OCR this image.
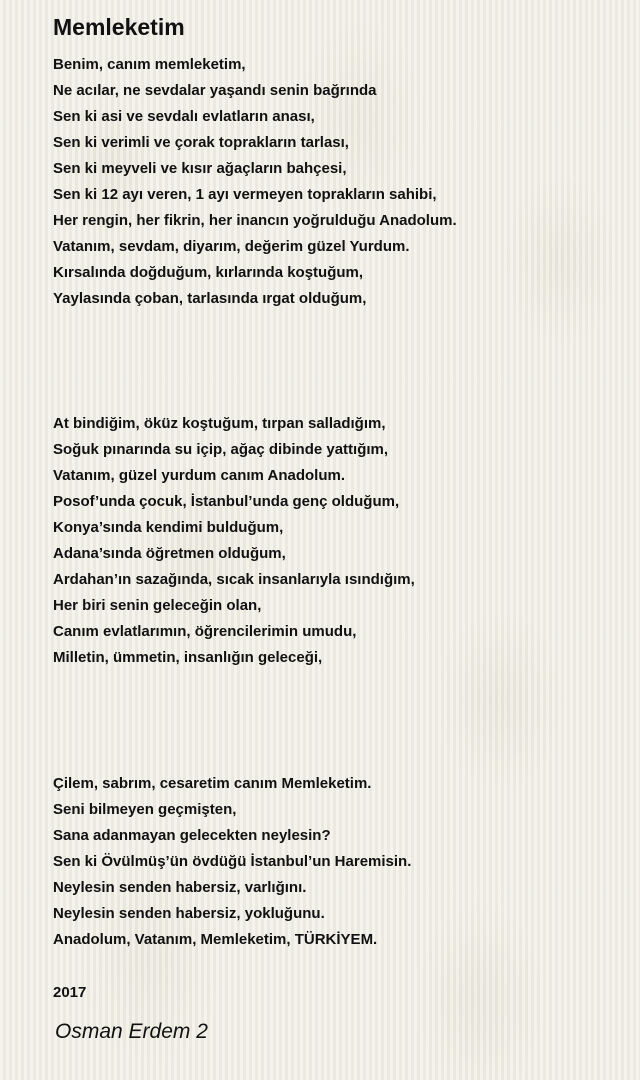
Memleketim
Benim, canım memleketim,
Ne acılar, ne sevdalar yaşandı senin bağrında
Sen ki asi ve sevdalı evlatların anası,
Sen ki verimli ve çorak toprakların tarlası,
Sen ki meyveli ve kısır ağaçların bahçesi,
Sen ki 12 ayı veren, 1 ayı vermeyen toprakların sahibi,
Her rengin, her fikrin, her inancın yoğrulduğu Anadolum.
Vatanım, sevdam, diyarım, değerim güzel Yurdum.
Kırsalında doğduğum, kırlarında koştuğum,
Yaylasında çoban, tarlasında ırgat olduğum,
At bindiğim, öküz koştuğum, tırpan salladığım,
Soğuk pınarında su içip, ağaç dibinde yattığım,
Vatanım, güzel yurdum canım Anadolum.
Posof’unda çocuk, İstanbul’unda genç olduğum,
Konya’sında kendimi bulduğum,
Adana’sında öğretmen olduğum,
Ardahan’ın sazağında, sıcak insanlarıyla ısındığım,
Her biri senin geleceğin olan,
Canım evlatlarımın, öğrencilerimin umudu,
Milletin, ümmetin, insanlığın geleceği,
Çilem, sabrım, cesaretim canım Memleketim.
Seni bilmeyen geçmişten,
Sana adanmayan gelecekten neylesin?
Sen ki Övülmüş’ün övdüğü İstanbul’un Haremisin.
Neylesin senden habersiz, varlığını.
Neylesin senden habersiz, yokluğunu.
Anadolum, Vatanım, Memleketim, TÜRKİYEM.
2017
Osman Erdem 2
